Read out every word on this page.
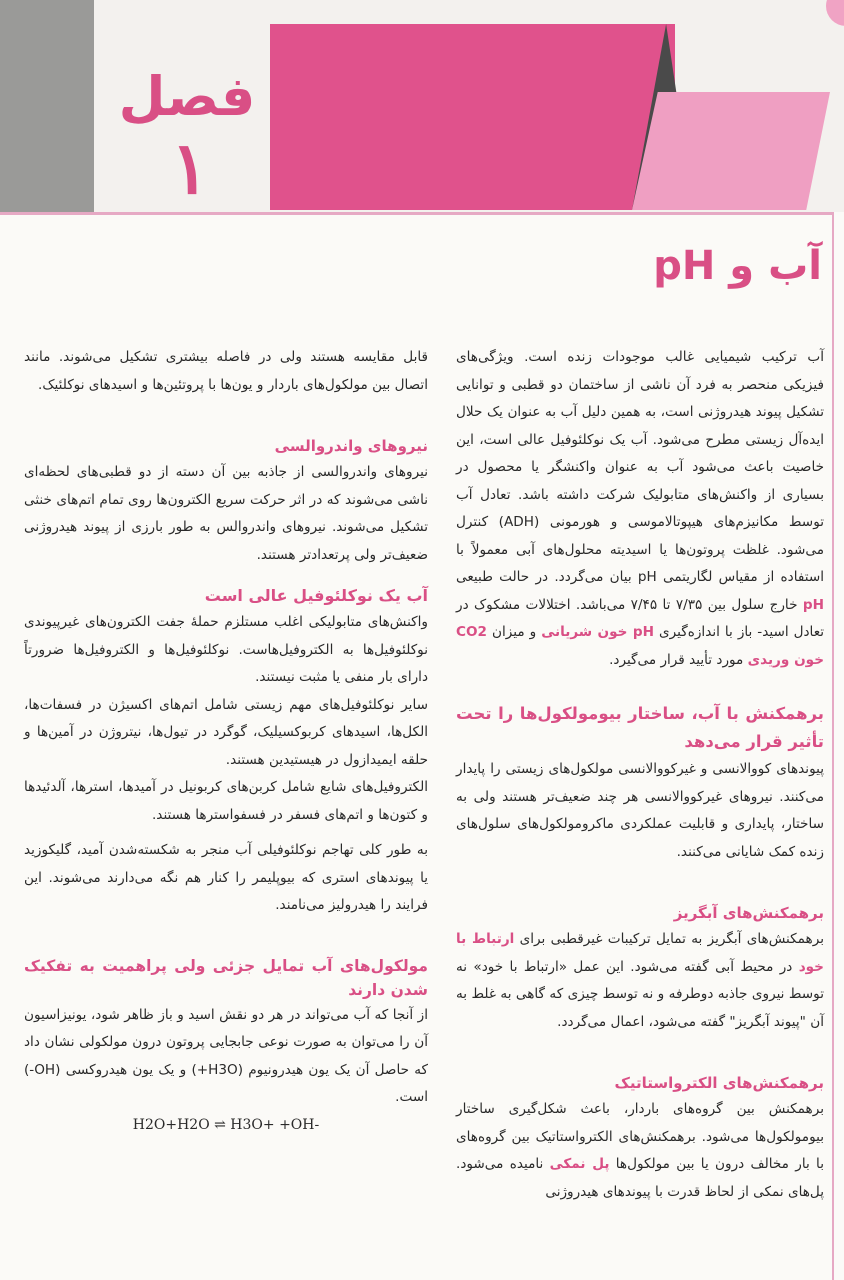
فصل
۱
آب و pH

آب ترکیب شیمیایی غالب موجودات زنده است. ویژگی‌های فیزیکی منحصر به فرد آن ناشی از ساختمان دو قطبی و توانایی تشکیل پیوند هیدروژنی است، به همین دلیل آب به عنوان یک حلال ایده‌آل زیستی مطرح می‌شود. آب یک نوکلئوفیل عالی است، این خاصیت باعث می‌شود آب به عنوان واکنشگر یا محصول در بسیاری از واکنش‌های متابولیک شرکت داشته باشد. تعادل آب توسط مکانیزم‌های هیپوتالاموسی و هورمونی (ADH) کنترل می‌شود. غلظت پروتون‌ها یا اسیدیته محلول‌های آبی معمولاً با استفاده از مقیاس لگاریتمی pH بیان می‌گردد. در حالت طبیعی pH خارج سلول بین ۷/۳۵ تا ۷/۴۵ می‌باشد. اختلالات مشکوک در تعادل اسید- باز با اندازه‌گیری pH خون شریانی و میزان CO2 خون وریدی مورد تأیید قرار می‌گیرد.

برهمکنش با آب، ساختار بیومولکول‌ها را تحت تأثیر قرار می‌دهد

پیوندهای کووالانسی و غیرکووالانسی مولکول‌های زیستی را پایدار می‌کنند. نیروهای غیرکووالانسی هر چند ضعیف‌تر هستند ولی به ساختار، پایداری و قابلیت عملکردی ماکرومولکول‌های سلول‌های زنده کمک شایانی می‌کنند.

برهمکنش‌های آبگریز

برهمکنش‌های آبگریز به تمایل ترکیبات غیرقطبی برای ارتباط با خود در محیط آبی گفته می‌شود. این عمل «ارتباط با خود» نه توسط نیروی جاذبه دوطرفه و نه توسط چیزی که گاهی به غلط به آن "پیوند آبگریز" گفته می‌شود، اعمال می‌گردد.

برهمکنش‌های الکترواستاتیک

برهمکنش بین گروه‌های باردار، باعث شکل‌گیری ساختار بیومولکول‌ها می‌شود. برهمکنش‌های الکترواستاتیک بین گروه‌های با بار مخالف درون یا بین مولکول‌ها پل نمکی نامیده می‌شود. پل‌های نمکی از لحاظ قدرت با پیوندهای هیدروژنی

قابل مقایسه هستند ولی در فاصله بیشتری تشکیل می‌شوند. مانند اتصال بین مولکول‌های باردار و یون‌ها با پروتئین‌ها و اسیدهای نوکلئیک.

نیروهای واندروالسی

نیروهای واندروالسی از جاذبه بین آن دسته از دو قطبی‌های لحظه‌ای ناشی می‌شوند که در اثر حرکت سریع الکترون‌ها روی تمام اتم‌های خنثی تشکیل می‌شوند. نیروهای واندروالس به طور بارزی از پیوند هیدروژنی ضعیف‌تر ولی پرتعدادتر هستند.

آب یک نوکلئوفیل عالی است

واکنش‌های متابولیکی اغلب مستلزم حملهٔ جفت الکترون‌های غیرپیوندی نوکلئوفیل‌ها به الکتروفیل‌هاست. نوکلئوفیل‌ها و الکتروفیل‌ها ضرورتاً دارای بار منفی یا مثبت نیستند.

سایر نوکلئوفیل‌های مهم زیستی شامل اتم‌های اکسیژن در فسفات‌ها، الکل‌ها، اسیدهای کربوکسیلیک، گوگرد در تیول‌ها، نیتروژن در آمین‌ها و حلقه ایمیدازول در هیستیدین هستند.

الکتروفیل‌های شایع شامل کربن‌های کربونیل در آمیدها، استرها، آلدئیدها و کتون‌ها و اتم‌های فسفر در فسفواسترها هستند.

به طور کلی تهاجم نوکلئوفیلی آب منجر به شکسته‌شدن آمید، گلیکوزید یا پیوندهای استری که بیوپلیمر را کنار هم نگه می‌دارند می‌شوند. این فرایند را هیدرولیز می‌نامند.

مولکول‌های آب تمایل جزئی ولی پراهمیت به تفکیک شدن دارند

از آنجا که آب می‌تواند در هر دو نقش اسید و باز ظاهر شود، یونیزاسیون آن را می‌توان به صورت نوعی جابجایی پروتون درون مولکولی نشان داد که حاصل آن یک یون هیدرونیوم (H3O+) و یک یون هیدروکسی (OH-) است.

H2O+H2O ⇌ H3O+ +OH-
